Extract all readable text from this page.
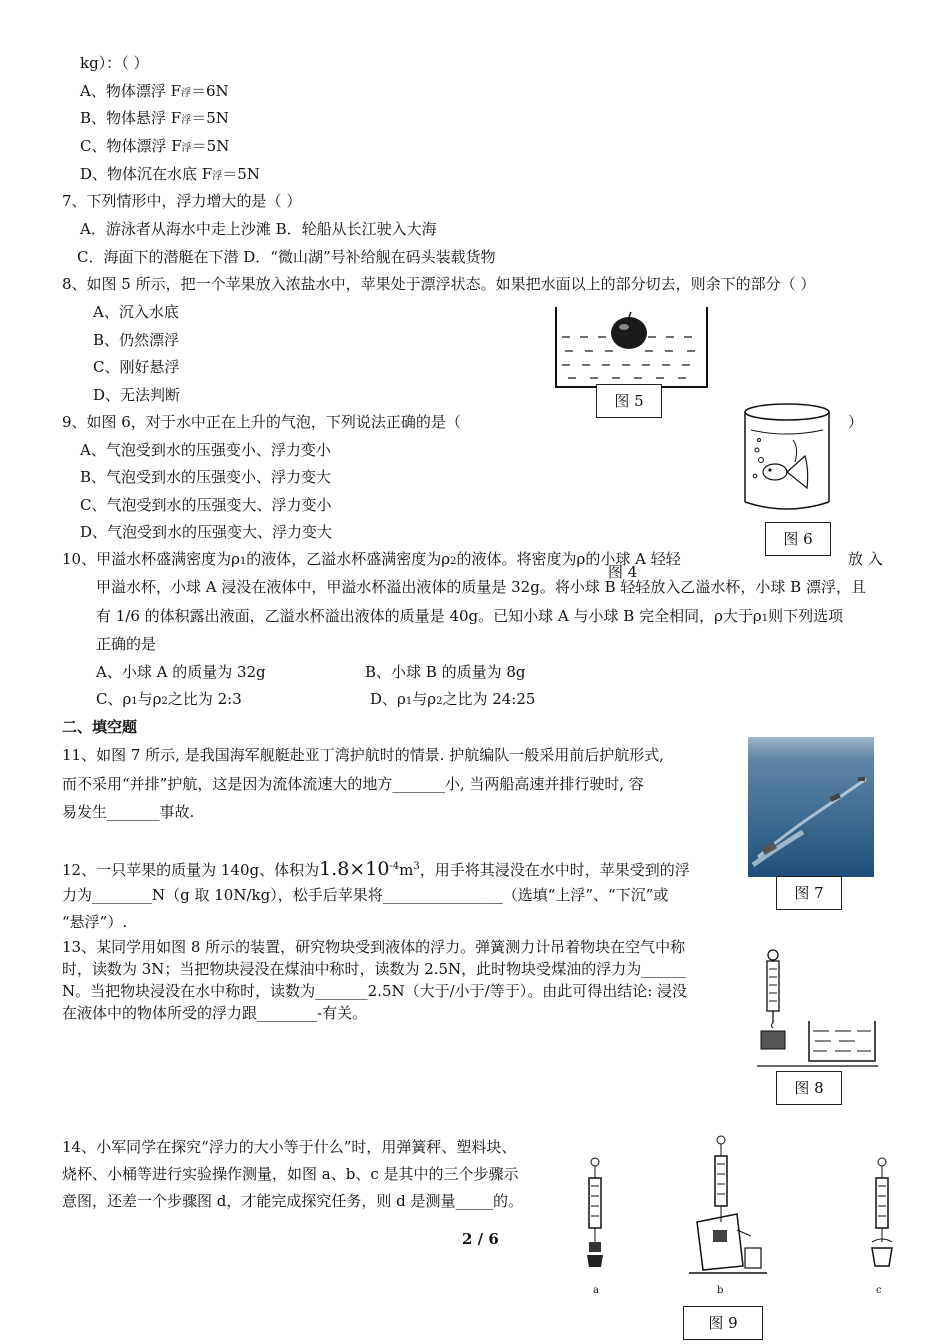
kg）：（ ）
A、物体漂浮 F浮＝6N
B、物体悬浮 F浮＝5N
C、物体漂浮 F浮＝5N
D、物体沉在水底 F浮＝5N
7、下列情形中，浮力增大的是（ ）
A．游泳者从海水中走上沙滩 B．轮船从长江驶入大海
C．海面下的潜艇在下潜 D．“微山湖”号补给舰在码头装载货物
8、如图 5 所示，把一个苹果放入浓盐水中，苹果处于漂浮状态。如果把水面以上的部分切去，则余下的部分（ ）
A、沉入水底
B、仍然漂浮
C、刚好悬浮
D、无法判断	图 5
9、如图 6，对于水中正在上升的气泡，下列说法正确的是（	）
A、气泡受到水的压强变小、浮力变小
B、气泡受到水的压强变小、浮力变大
C、气泡受到水的压强变大、浮力变小
D、气泡受到水的压强变大、浮力变大	图 6
10、甲溢水杯盛满密度为ρ1的液体，乙溢水杯盛满密度为ρ2的液体。将密度为ρ的小球 A 轻轻
图 4
放 入
甲溢水杯，小球 A 浸没在液体中，甲溢水杯溢出液体的质量是 32g。将小球 B 轻轻放入乙溢水杯，小球 B 漂浮，且
有 1/6 的体积露出液面，乙溢水杯溢出液体的质量是 40g。已知小球 A 与小球 B 完全相同，ρ大于ρ1则下列选项
正确的是
A、小球 A 的质量为 32g	B、小球 B 的质量为 8g
C、ρ1与ρ2之比为 2:3	D、ρ1与ρ2之比为 24:25
二、填空题
11、如图 7 所示, 是我国海军舰艇赴亚丁湾护航时的情景. 护航编队一般采用前后护航形式,
而不采用“并排”护航，这是因为流体流速大的地方_______小, 当两船高速并排行驶时, 容
易发生_______事故.
图 7
12、一只苹果的质量为 140g、体积为$1.8\times 10^{-4}m^3$，用手将其浸没在水中时，苹果受到的浮
力为________N（g 取 10N/kg），松手后苹果将________________（选填“上浮”、“下沉”或
“悬浮”）.
13、某同学用如图 8 所示的装置，研究物块受到液体的浮力。弹簧测力计吊着物块在空气中称
时，读数为 3N；当把物块浸没在煤油中称时，读数为 2.5N，此时物块受煤油的浮力为______
N。当把物块浸没在水中称时，读数为_______2.5N（大于/小于/等于）。由此可得出结论: 浸没
在液体中的物体所受的浮力跟________-有关。
图 8
14、小军同学在探究“浮力的大小等于什么”时，用弹簧秤、塑料块、
烧杯、小桶等进行实验操作测量，如图 a、b、c 是其中的三个步骤示
意图，还差一个步骤图 d，才能完成探究任务，则 d 是测量_____的。
2 / 6
a	b	c
图 9
